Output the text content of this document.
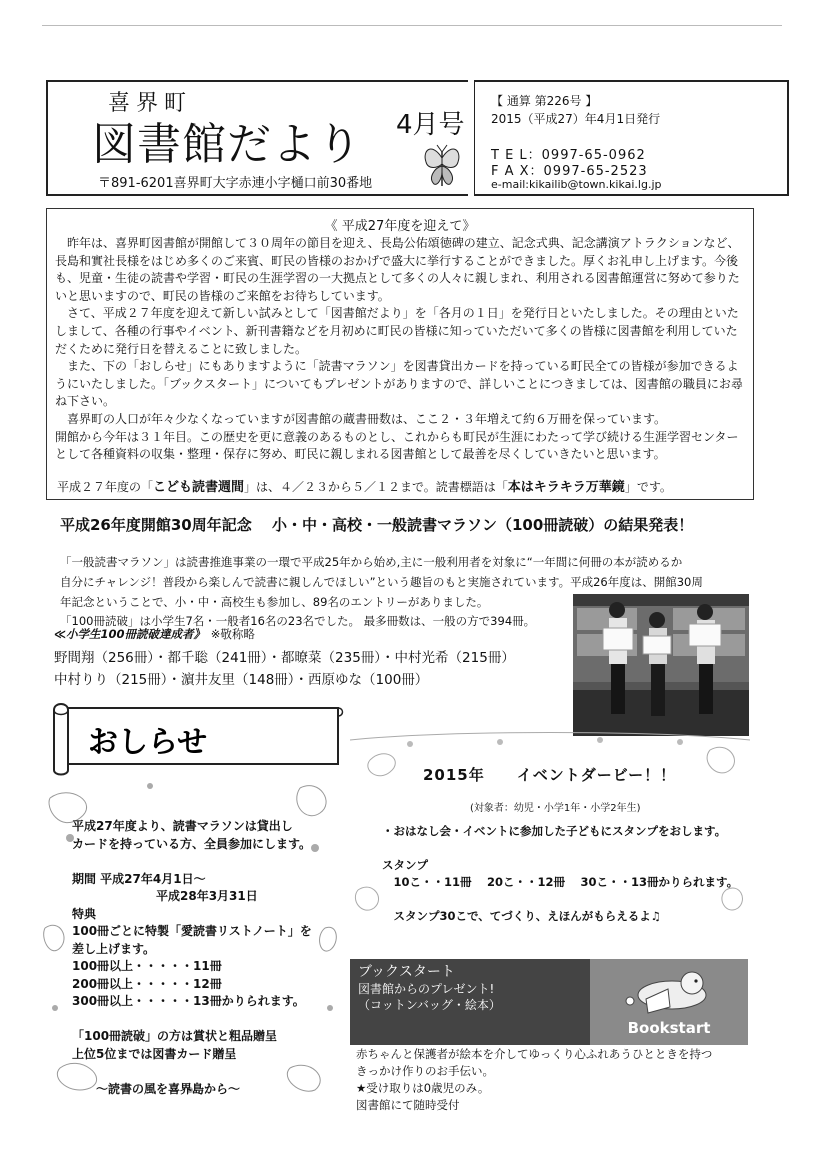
喜界町
図書館だより 4月号
〒891-6201喜界町大字赤連小字樋口前30番地
【 通算 第226号 】
2015（平成27）年4月1日発行
T E L：0997-65-0962
F A X：0997-65-2523
e-mail:kikailib@town.kikai.lg.jp
《 平成27年度を迎えて》

　昨年は、喜界町図書館が開館して３０周年の節目を迎え、長島公佑頌徳碑の建立、記念式典、記念講演アトラクションなど、長島和實社長様をはじめ多くのご来賓、町民の皆様のおかげで盛大に挙行することができました。厚くお礼申し上げます。今後も、児童・生徒の読書や学習・町民の生涯学習の一大拠点として多くの人々に親しまれ、利用される図書館運営に努めて参りたいと思いますので、町民の皆様のご来館をお待ちしています。

　さて、平成２７年度を迎えて新しい試みとして「図書館だより」を「各月の１日」を発行日といたしました。その理由といたしまして、各種の行事やイベント、新刊書籍などを月初めに町民の皆様に知っていただいて多くの皆様に図書館を利用していただくために発行日を替えることに致しました。

　また、下の「おしらせ」にもありますように「読書マラソン」を図書貸出カードを持っている町民全ての皆様が参加できるようにいたしました。「ブックスタート」についてもプレゼントがありますので、詳しいことにつきましては、図書館の職員にお尋ね下さい。

　喜界町の人口が年々少なくなっていますが図書館の蔵書冊数は、ここ２・３年増えて約６万冊を保っています。

開館から今年は３１年目。この歴史を更に意義のあるものとし、これからも町民が生涯にわたって学び続ける生涯学習センターとして各種資料の収集・整理・保存に努め、町民に親しまれる図書館として最善を尽くしていきたいと思います。

平成２７年度の「こども読書週間」は、４／２３から５／１２まで。読書標語は「本はキラキラ万華鏡」です。
平成26年度開館30周年記念　 小・中・高校・一般読書マラソン（100冊読破）の結果発表！

「一般読書マラソン」は読書推進事業の一環で平成25年から始め,主に一般利用者を対象に“一年間に何冊の本が読めるか

自分にチャレンジ！普段から楽しんで読書に親しんでほしい”という趣旨のもと実施されています。平成26年度は、開館30周

年記念ということで、小・中・高校生も参加し、89名のエントリーがありました。

「100冊読破」は小学生7名・一般者16名の23名でした。 最多冊数は、一般の方で394冊。

≪小学生100冊読破達成者》　 ※敬称略
野間翔（256冊）・都千聡（241冊）・都暸菜（235冊）・中村光希（215冊）
中村りり（215冊）・濵井友里（148冊）・西原ゆな（100冊）
おしらせ

平成27年度より、読書マラソンは貸出し

カードを持っている方、全員参加にします。

期間 平成27年4月1日～

　　　　　　　平成28年3月31日

特典

100冊ごとに特製「愛読書リストノート」を

差し上げます。

100冊以上・・・・・11冊

200冊以上・・・・・12冊

300冊以上・・・・・13冊かりられます。

「100冊読破」の方は賞状と粗品贈呈

上位5位までは図書カード贈呈

　　～読書の風を喜界島から～

2015年　　イベントダービー！！
(対象者：幼児・小学1年・小学2年生)

・おはなし会・イベントに参加した子どもにスタンプをおします。

スタンプ

　10こ・・11冊　 20こ・・12冊　 30こ・・13冊かりられます。

　スタンプ30こで、てづくり、えほんがもらえるよ♫

ブックスタート
図書館からのプレゼント!
（コットンバッグ・絵本）
Bookstart

赤ちゃんと保護者が絵本を介してゆっくり心ふれあうひとときを持つ

きっかけ作りのお手伝い。

★受け取りは0歳児のみ。

図書館にて随時受付
